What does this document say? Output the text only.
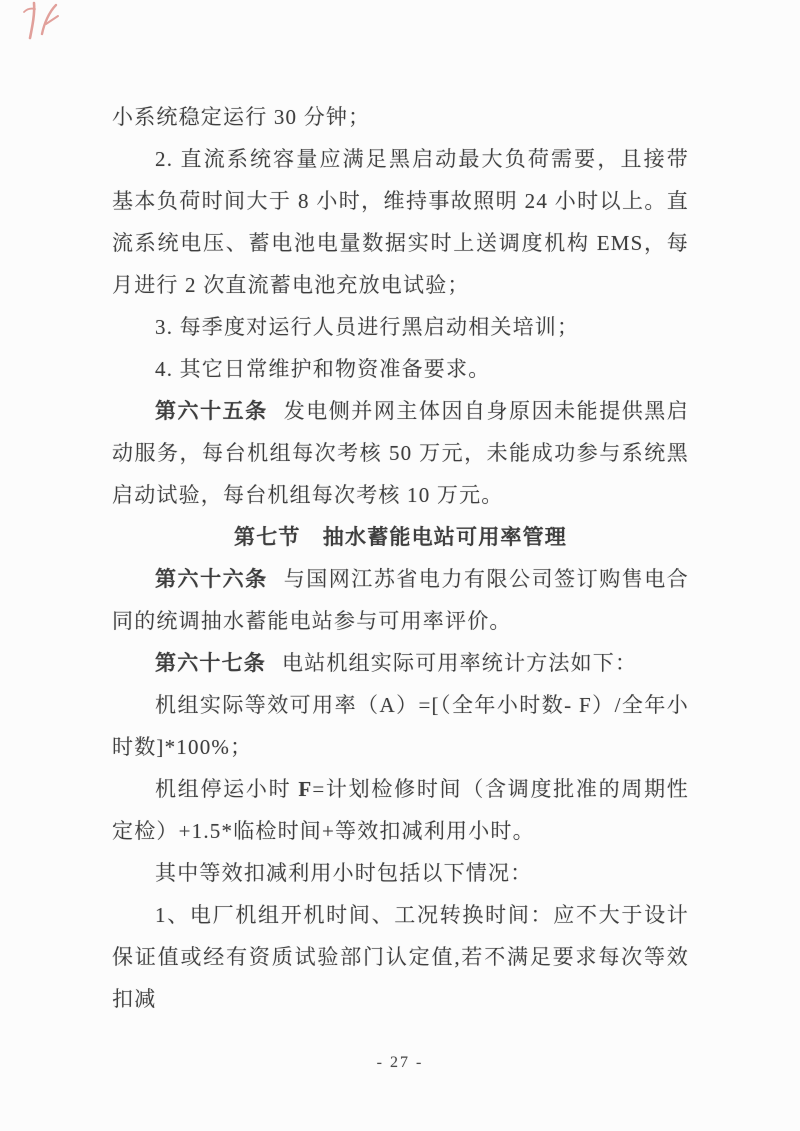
小系统稳定运行 30 分钟；

2. 直流系统容量应满足黑启动最大负荷需要，且接带基本负荷时间大于 8 小时，维持事故照明 24 小时以上。直流系统电压、蓄电池电量数据实时上送调度机构 EMS，每月进行 2 次直流蓄电池充放电试验；

3. 每季度对运行人员进行黑启动相关培训；

4. 其它日常维护和物资准备要求。

第六十五条 发电侧并网主体因自身原因未能提供黑启动服务，每台机组每次考核 50 万元，未能成功参与系统黑启动试验，每台机组每次考核 10 万元。

第七节　抽水蓄能电站可用率管理

第六十六条 与国网江苏省电力有限公司签订购售电合同的统调抽水蓄能电站参与可用率评价。

第六十七条 电站机组实际可用率统计方法如下：

机组实际等效可用率（A）=[（全年小时数- F）/全年小时数]*100%；

机组停运小时 F=计划检修时间（含调度批准的周期性定检）+1.5*临检时间+等效扣减利用小时。

其中等效扣减利用小时包括以下情况：

1、电厂机组开机时间、工况转换时间：应不大于设计保证值或经有资质试验部门认定值,若不满足要求每次等效扣减

- 27 -
